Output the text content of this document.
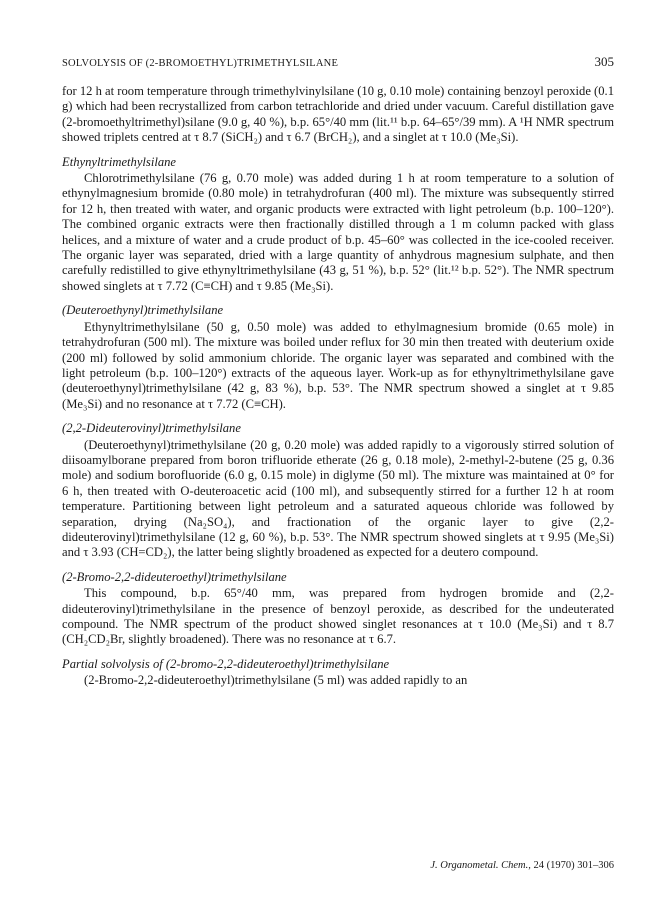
SOLVOLYSIS OF (2-BROMOETHYL)TRIMETHYLSILANE	305

for 12 h at room temperature through trimethylvinylsilane (10 g, 0.10 mole) containing benzoyl peroxide (0.1 g) which had been recrystallized from carbon tetrachloride and dried under vacuum. Careful distillation gave (2-bromoethyltrimethyl)silane (9.0 g, 40 %), b.p. 65°/40 mm (lit.¹¹ b.p. 64–65°/39 mm). A ¹H NMR spectrum showed triplets centred at τ 8.7 (SiCH₂) and τ 6.7 (BrCH₂), and a singlet at τ 10.0 (Me₃Si).

Ethynyltrimethylsilane

Chlorotrimethylsilane (76 g, 0.70 mole) was added during 1 h at room temperature to a solution of ethynylmagnesium bromide (0.80 mole) in tetrahydrofuran (400 ml). The mixture was subsequently stirred for 12 h, then treated with water, and organic products were extracted with light petroleum (b.p. 100–120°). The combined organic extracts were then fractionally distilled through a 1 m column packed with glass helices, and a mixture of water and a crude product of b.p. 45–60° was collected in the ice-cooled receiver. The organic layer was separated, dried with a large quantity of anhydrous magnesium sulphate, and then carefully redistilled to give ethynyltrimethylsilane (43 g, 51 %), b.p. 52° (lit.¹² b.p. 52°). The NMR spectrum showed singlets at τ 7.72 (C≡CH) and τ 9.85 (Me₃Si).

(Deuteroethynyl)trimethylsilane

Ethynyltrimethylsilane (50 g, 0.50 mole) was added to ethylmagnesium bromide (0.65 mole) in tetrahydrofuran (500 ml). The mixture was boiled under reflux for 30 min then treated with deuterium oxide (200 ml) followed by solid ammonium chloride. The organic layer was separated and combined with the light petroleum (b.p. 100–120°) extracts of the aqueous layer. Work-up as for ethynyltrimethylsilane gave (deuteroethynyl)trimethylsilane (42 g, 83 %), b.p. 53°. The NMR spectrum showed a singlet at τ 9.85 (Me₃Si) and no resonance at τ 7.72 (C≡CH).

(2,2-Dideuterovinyl)trimethylsilane

(Deuteroethynyl)trimethylsilane (20 g, 0.20 mole) was added rapidly to a vigorously stirred solution of diisoamylborane prepared from boron trifluoride etherate (26 g, 0.18 mole), 2-methyl-2-butene (25 g, 0.36 mole) and sodium borofluoride (6.0 g, 0.15 mole) in diglyme (50 ml). The mixture was maintained at 0° for 6 h, then treated with O-deuteroacetic acid (100 ml), and subsequently stirred for a further 12 h at room temperature. Partitioning between light petroleum and a saturated aqueous chloride was followed by separation, drying (Na₂SO₄), and fractionation of the organic layer to give (2,2-dideuterovinyl)trimethylsilane (12 g, 60 %), b.p. 53°. The NMR spectrum showed singlets at τ 9.95 (Me₃Si) and τ 3.93 (CH=CD₂), the latter being slightly broadened as expected for a deutero compound.

(2-Bromo-2,2-dideuteroethyl)trimethylsilane

This compound, b.p. 65°/40 mm, was prepared from hydrogen bromide and (2,2-dideuterovinyl)trimethylsilane in the presence of benzoyl peroxide, as described for the undeuterated compound. The NMR spectrum of the product showed singlet resonances at τ 10.0 (Me₃Si) and τ 8.7 (CH₂CD₂Br, slightly broadened). There was no resonance at τ 6.7.

Partial solvolysis of (2-bromo-2,2-dideuteroethyl)trimethylsilane

(2-Bromo-2,2-dideuteroethyl)trimethylsilane (5 ml) was added rapidly to an

J. Organometal. Chem., 24 (1970) 301–306
